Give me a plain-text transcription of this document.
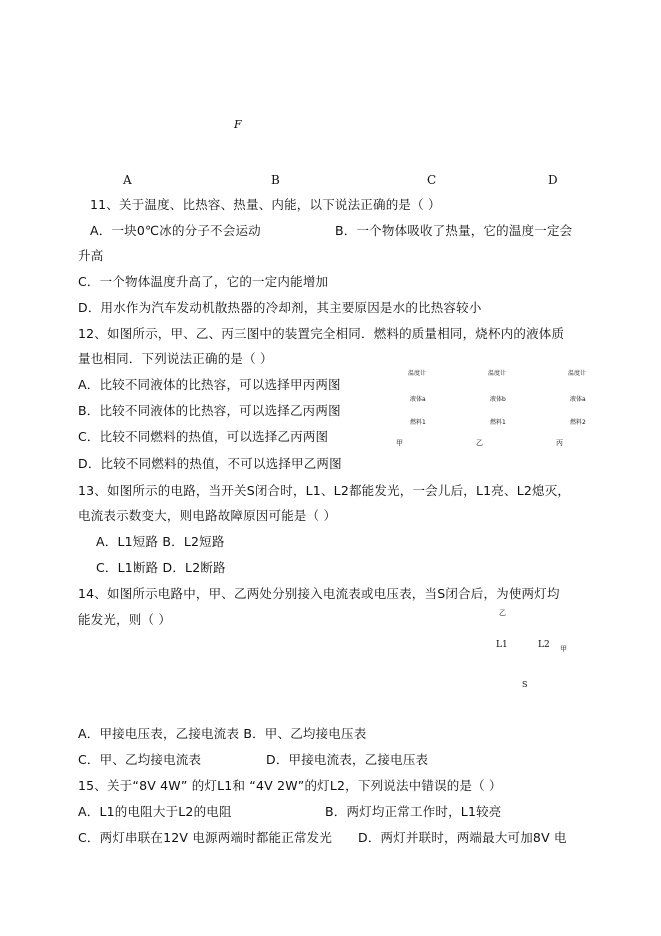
A
F
B	C	D
11、关于温度、比热容、热量、内能，以下说法正确的是（ ）
A．一块0℃冰的分子不会运动	B．一个物体吸收了热量，它的温度一定会
升高
C．一个物体温度升高了，它的一定内能增加
D．用水作为汽车发动机散热器的冷却剂，其主要原因是水的比热容较小
12、如图所示，甲、乙、丙三图中的装置完全相同．燃料的质量相同，烧杯内的液体质
量也相同．下列说法正确的是（ ）
A．比较不同液体的比热容，可以选择甲丙两图
B．比较不同液体的比热容，可以选择乙丙两图
C．比较不同燃料的热值，可以选择乙丙两图
D．比较不同燃料的热值，不可以选择甲乙两图
温度计
液体a
燃料1
甲
温度计
液体b
燃料1
乙
温度计
液体a
燃料2
丙
13、如图所示的电路，当开关S闭合时，L1、L2都能发光，一会儿后，L1亮、L2熄灭，
电流表示数变大，则电路故障原因可能是（ ）
A．L1短路 B．L2短路
C．L1断路 D．L2断路
14、如图所示电路中，甲、乙两处分别接入电流表或电压表，当S闭合后，为使两灯均
能发光，则（ ）	乙
甲
L1	L2
S
A．甲接电压表，乙接电流表 B．甲、乙均接电压表
C．甲、乙均接电流表	D．甲接电流表，乙接电压表
15、关于“8V 4W” 的灯L1和 “4V 2W”的灯L2，下列说法中错误的是（ ）
A．L1的电阻大于L2的电阻	B．两灯均正常工作时，L1较亮
C．两灯串联在12V 电源两端时都能正常发光 D．两灯并联时，两端最大可加8V 电
